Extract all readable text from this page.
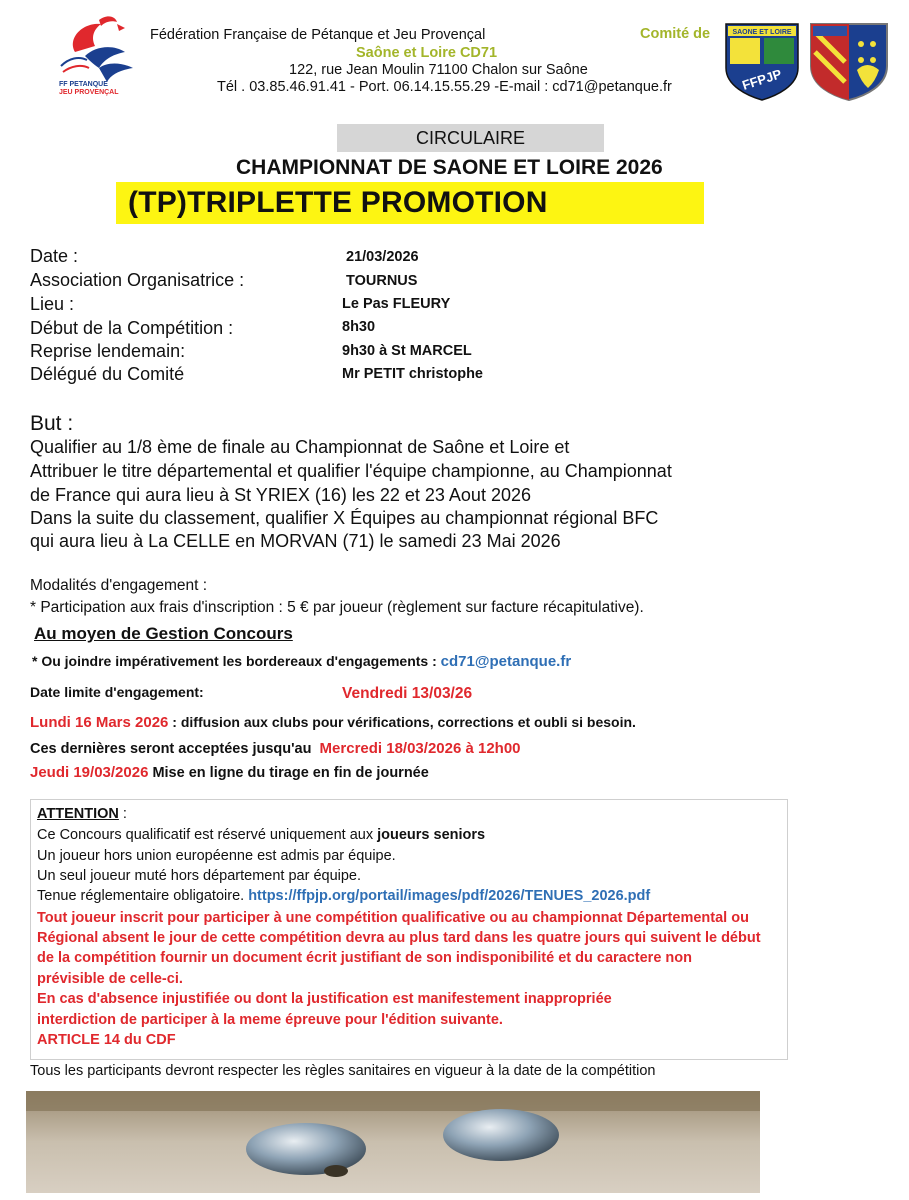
FF PETANQUE
JEU PROVENÇAL
Fédération Française de Pétanque et Jeu Provençal
Saône et Loire CD71
122, rue Jean Moulin 71100 Chalon sur Saône
Tél . 03.85.46.91.41 - Port. 06.14.15.55.29 -E-mail : cd71@petanque.fr
Comité de	SAONE ET LOIRE
FFPJP
CIRCULAIRE
CHAMPIONNAT DE SAONE ET LOIRE 2026
(TP)TRIPLETTE PROMOTION
Date :	21/03/2026
Association Organisatrice :	TOURNUS
Lieu :	Le Pas FLEURY
Début de la Compétition :	8h30
Reprise lendemain:	9h30 à St MARCEL
Délégué du Comité	Mr PETIT christophe
But :
Qualifier au 1/8 ème de finale au Championnat de Saône et Loire et
Attribuer le titre départemental et qualifier l'équipe championne, au Championnat
de France qui aura lieu à St YRIEX (16) les 22 et 23 Aout 2026
Dans la suite du classement, qualifier X Équipes au championnat régional BFC
qui aura lieu à La CELLE en MORVAN (71) le samedi 23 Mai 2026
Modalités d'engagement :
* Participation aux frais d'inscription : 5 € par joueur (règlement sur facture récapitulative).
Au moyen de Gestion Concours
* Ou joindre impérativement les bordereaux d'engagements : cd71@petanque.fr
Date limite d'engagement:	Vendredi 13/03/26
Lundi 16 Mars 2026 : diffusion aux clubs pour vérifications, corrections et oubli si besoin.
Ces dernières seront acceptées jusqu'au Mercredi 18/03/2026 à 12h00
Jeudi 19/03/2026 Mise en ligne du tirage en fin de journée
ATTENTION :
Ce Concours qualificatif est réservé uniquement aux joueurs seniors
Un joueur hors union européenne est admis par équipe.
Un seul joueur muté hors département par équipe.
Tenue réglementaire obligatoire. https://ffpjp.org/portail/images/pdf/2026/TENUES_2026.pdf
Tout joueur inscrit pour participer à une compétition qualificative ou au championnat Départemental ou
Régional absent le jour de cette compétition devra au plus tard dans les quatre jours qui suivent le début
de la compétition fournir un document écrit justifiant de son indisponibilité et du caractere non
prévisible de celle-ci.
En cas d'absence injustifiée ou dont la justification est manifestement inappropriée
interdiction de participer à la meme épreuve pour l'édition suivante.
ARTICLE 14 du CDF
Tous les participants devront respecter les règles sanitaires en vigueur à la date de la compétition
